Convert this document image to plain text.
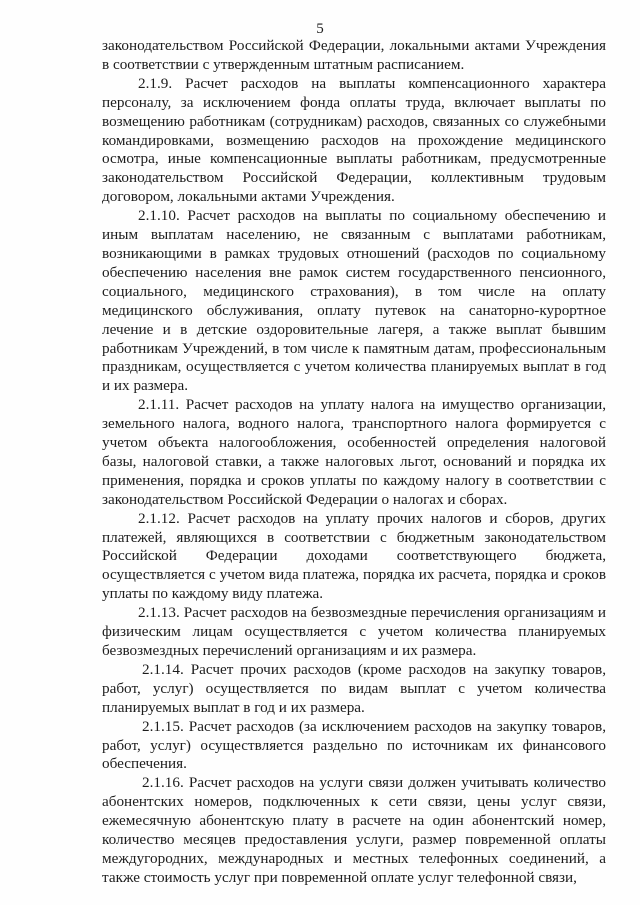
5

законодательством Российской Федерации, локальными актами Учреждения в соответствии с утвержденным штатным расписанием.

2.1.9. Расчет расходов на выплаты компенсационного характера персоналу, за исключением фонда оплаты труда, включает выплаты по возмещению работникам (сотрудникам) расходов, связанных со служебными командировками, возмещению расходов на прохождение медицинского осмотра, иные компенсационные выплаты работникам, предусмотренные законодательством Российской Федерации, коллективным трудовым договором, локальными актами Учреждения.

2.1.10. Расчет расходов на выплаты по социальному обеспечению и иным выплатам населению, не связанным с выплатами работникам, возникающими в рамках трудовых отношений (расходов по социальному обеспечению населения вне рамок систем государственного пенсионного, социального, медицинского страхования), в том числе на оплату медицинского обслуживания, оплату путевок на санаторно-курортное лечение и в детские оздоровительные лагеря, а также выплат бывшим работникам Учреждений, в том числе к памятным датам, профессиональным праздникам, осуществляется с учетом количества планируемых выплат в год и их размера.

2.1.11. Расчет расходов на уплату налога на имущество организации, земельного налога, водного налога, транспортного налога формируется с учетом объекта налогообложения, особенностей определения налоговой базы, налоговой ставки, а также налоговых льгот, оснований и порядка их применения, порядка и сроков уплаты по каждому налогу в соответствии с законодательством Российской Федерации о налогах и сборах.

2.1.12. Расчет расходов на уплату прочих налогов и сборов, других платежей, являющихся в соответствии с бюджетным законодательством Российской Федерации доходами соответствующего бюджета, осуществляется с учетом вида платежа, порядка их расчета, порядка и сроков уплаты по каждому виду платежа.

2.1.13. Расчет расходов на безвозмездные перечисления организациям и физическим лицам осуществляется с учетом количества планируемых безвозмездных перечислений организациям и их размера.

2.1.14. Расчет прочих расходов (кроме расходов на закупку товаров, работ, услуг) осуществляется по видам выплат с учетом количества планируемых выплат в год и их размера.

2.1.15. Расчет расходов (за исключением расходов на закупку товаров, работ, услуг) осуществляется раздельно по источникам их финансового обеспечения.

2.1.16. Расчет расходов на услуги связи должен учитывать количество абонентских номеров, подключенных к сети связи, цены услуг связи, ежемесячную абонентскую плату в расчете на один абонентский номер, количество месяцев предоставления услуги, размер повременной оплаты междугородних, международных и местных телефонных соединений, а также стоимость услуг при повременной оплате услуг телефонной связи,
